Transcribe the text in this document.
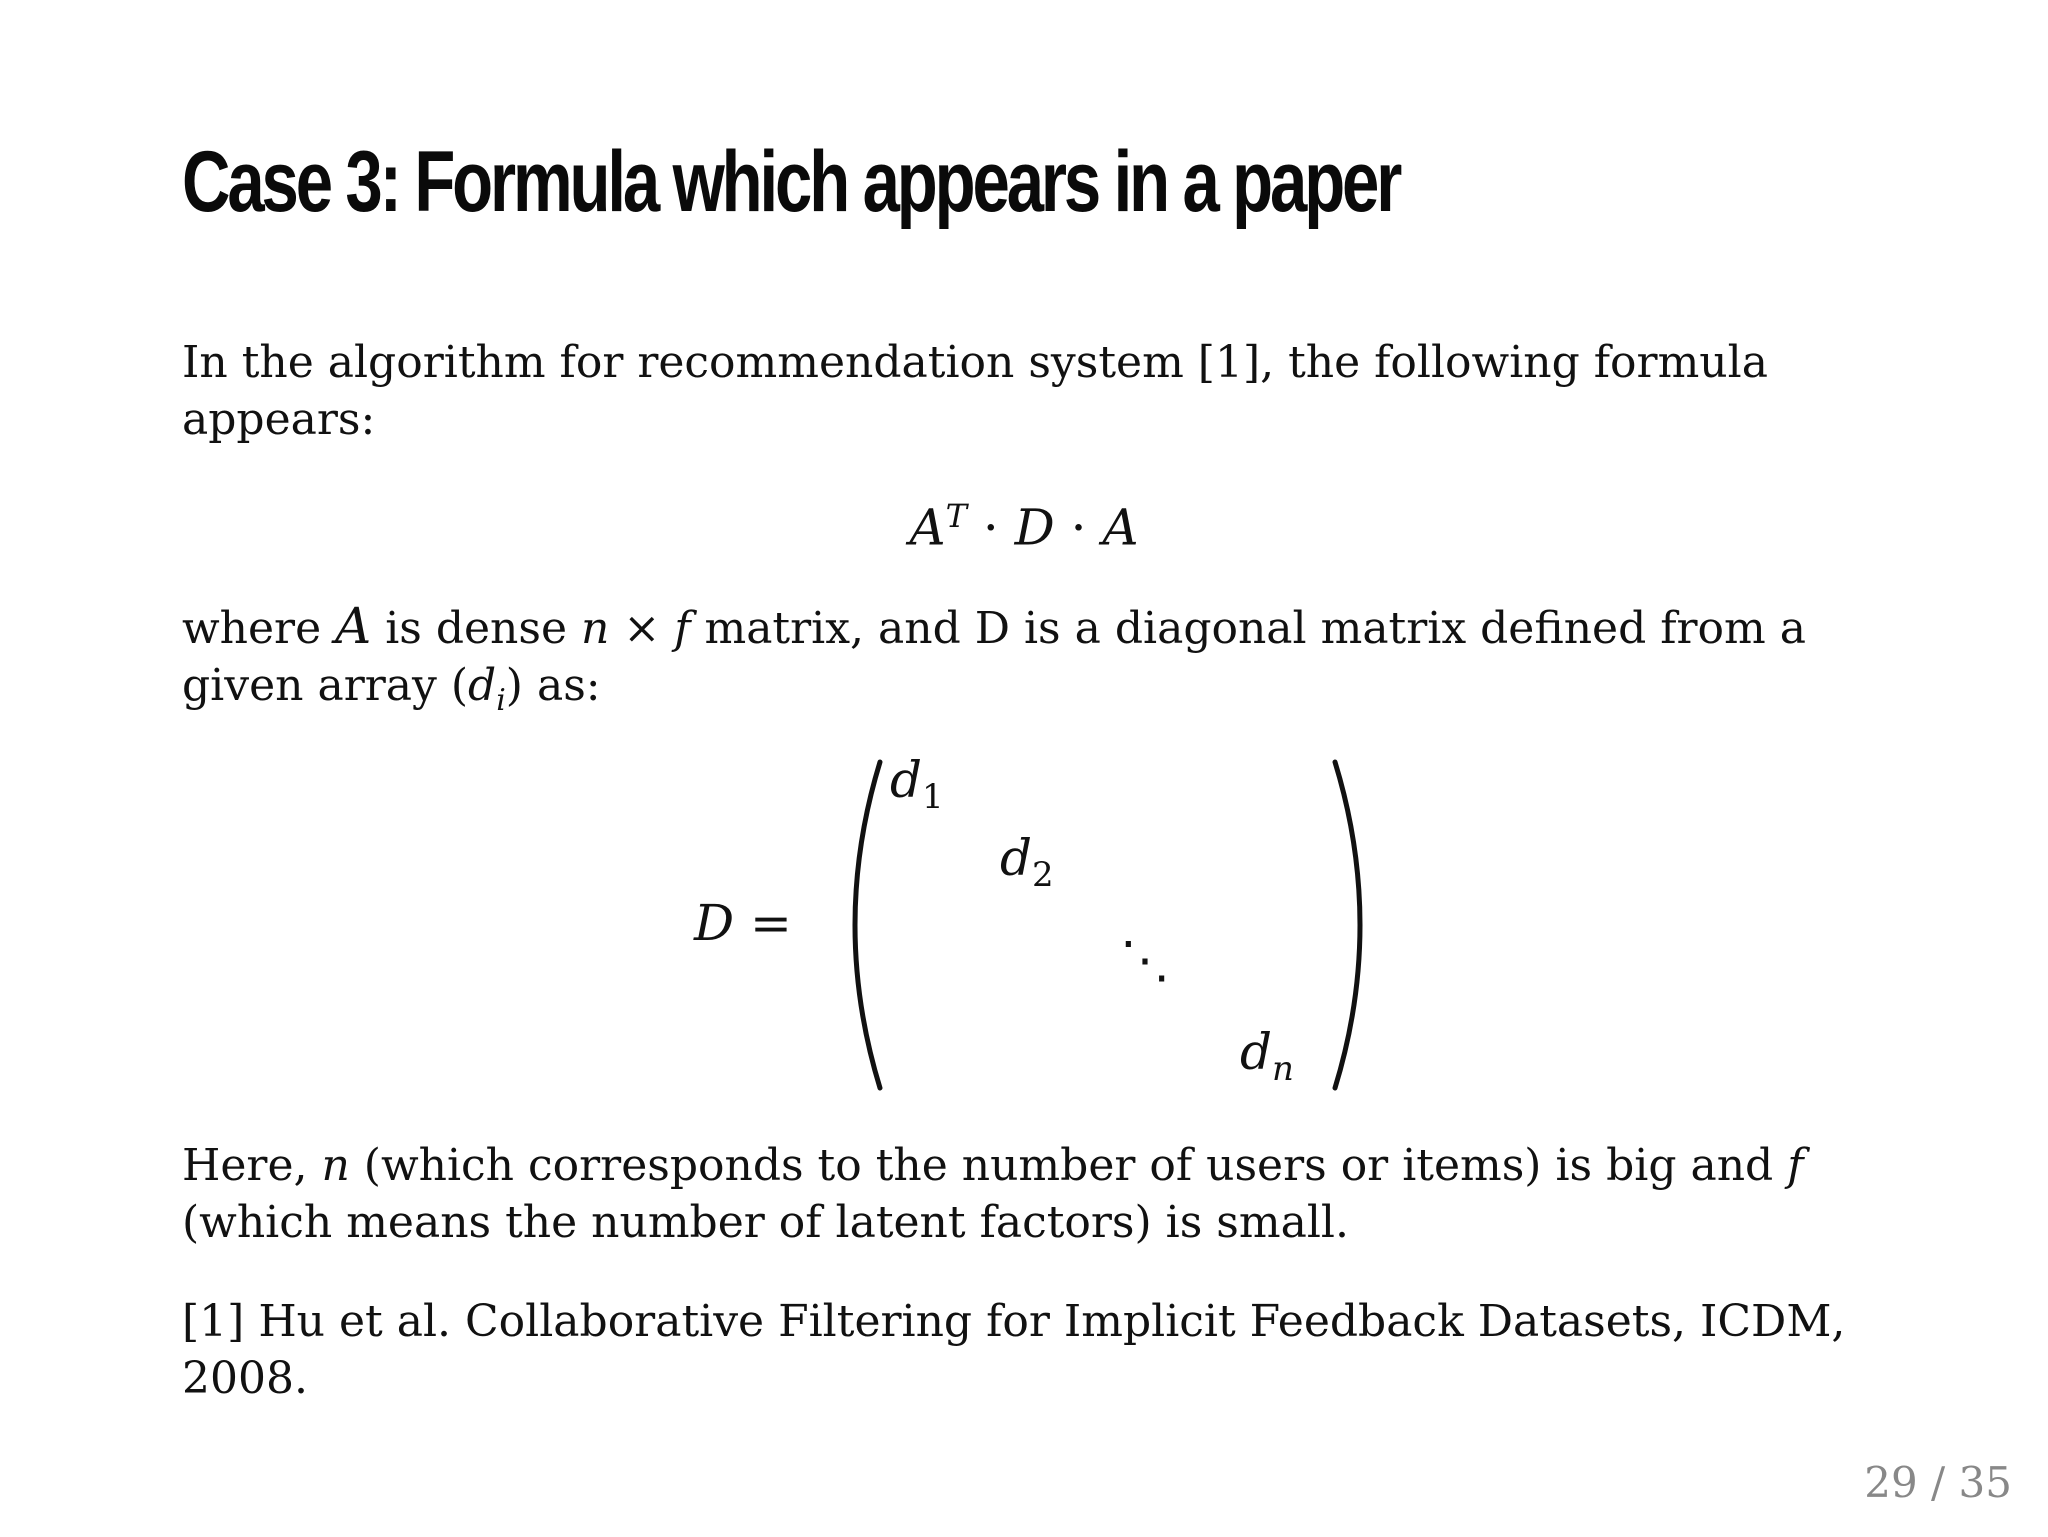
Case 3: Formula which appears in a paper

In the algorithm for recommendation system [1], the following formula appears:

$A^T \cdot D \cdot A$

where A is dense n × f matrix, and D is a diagonal matrix defined from a given array $(d_i)$ as:

D =
$d_1$
$d_2$
⋱
$d_n$

Here, n (which corresponds to the number of users or items) is big and f (which means the number of latent factors) is small.

[1] Hu et al. Collaborative Filtering for Implicit Feedback Datasets, ICDM, 2008.

29 / 35
